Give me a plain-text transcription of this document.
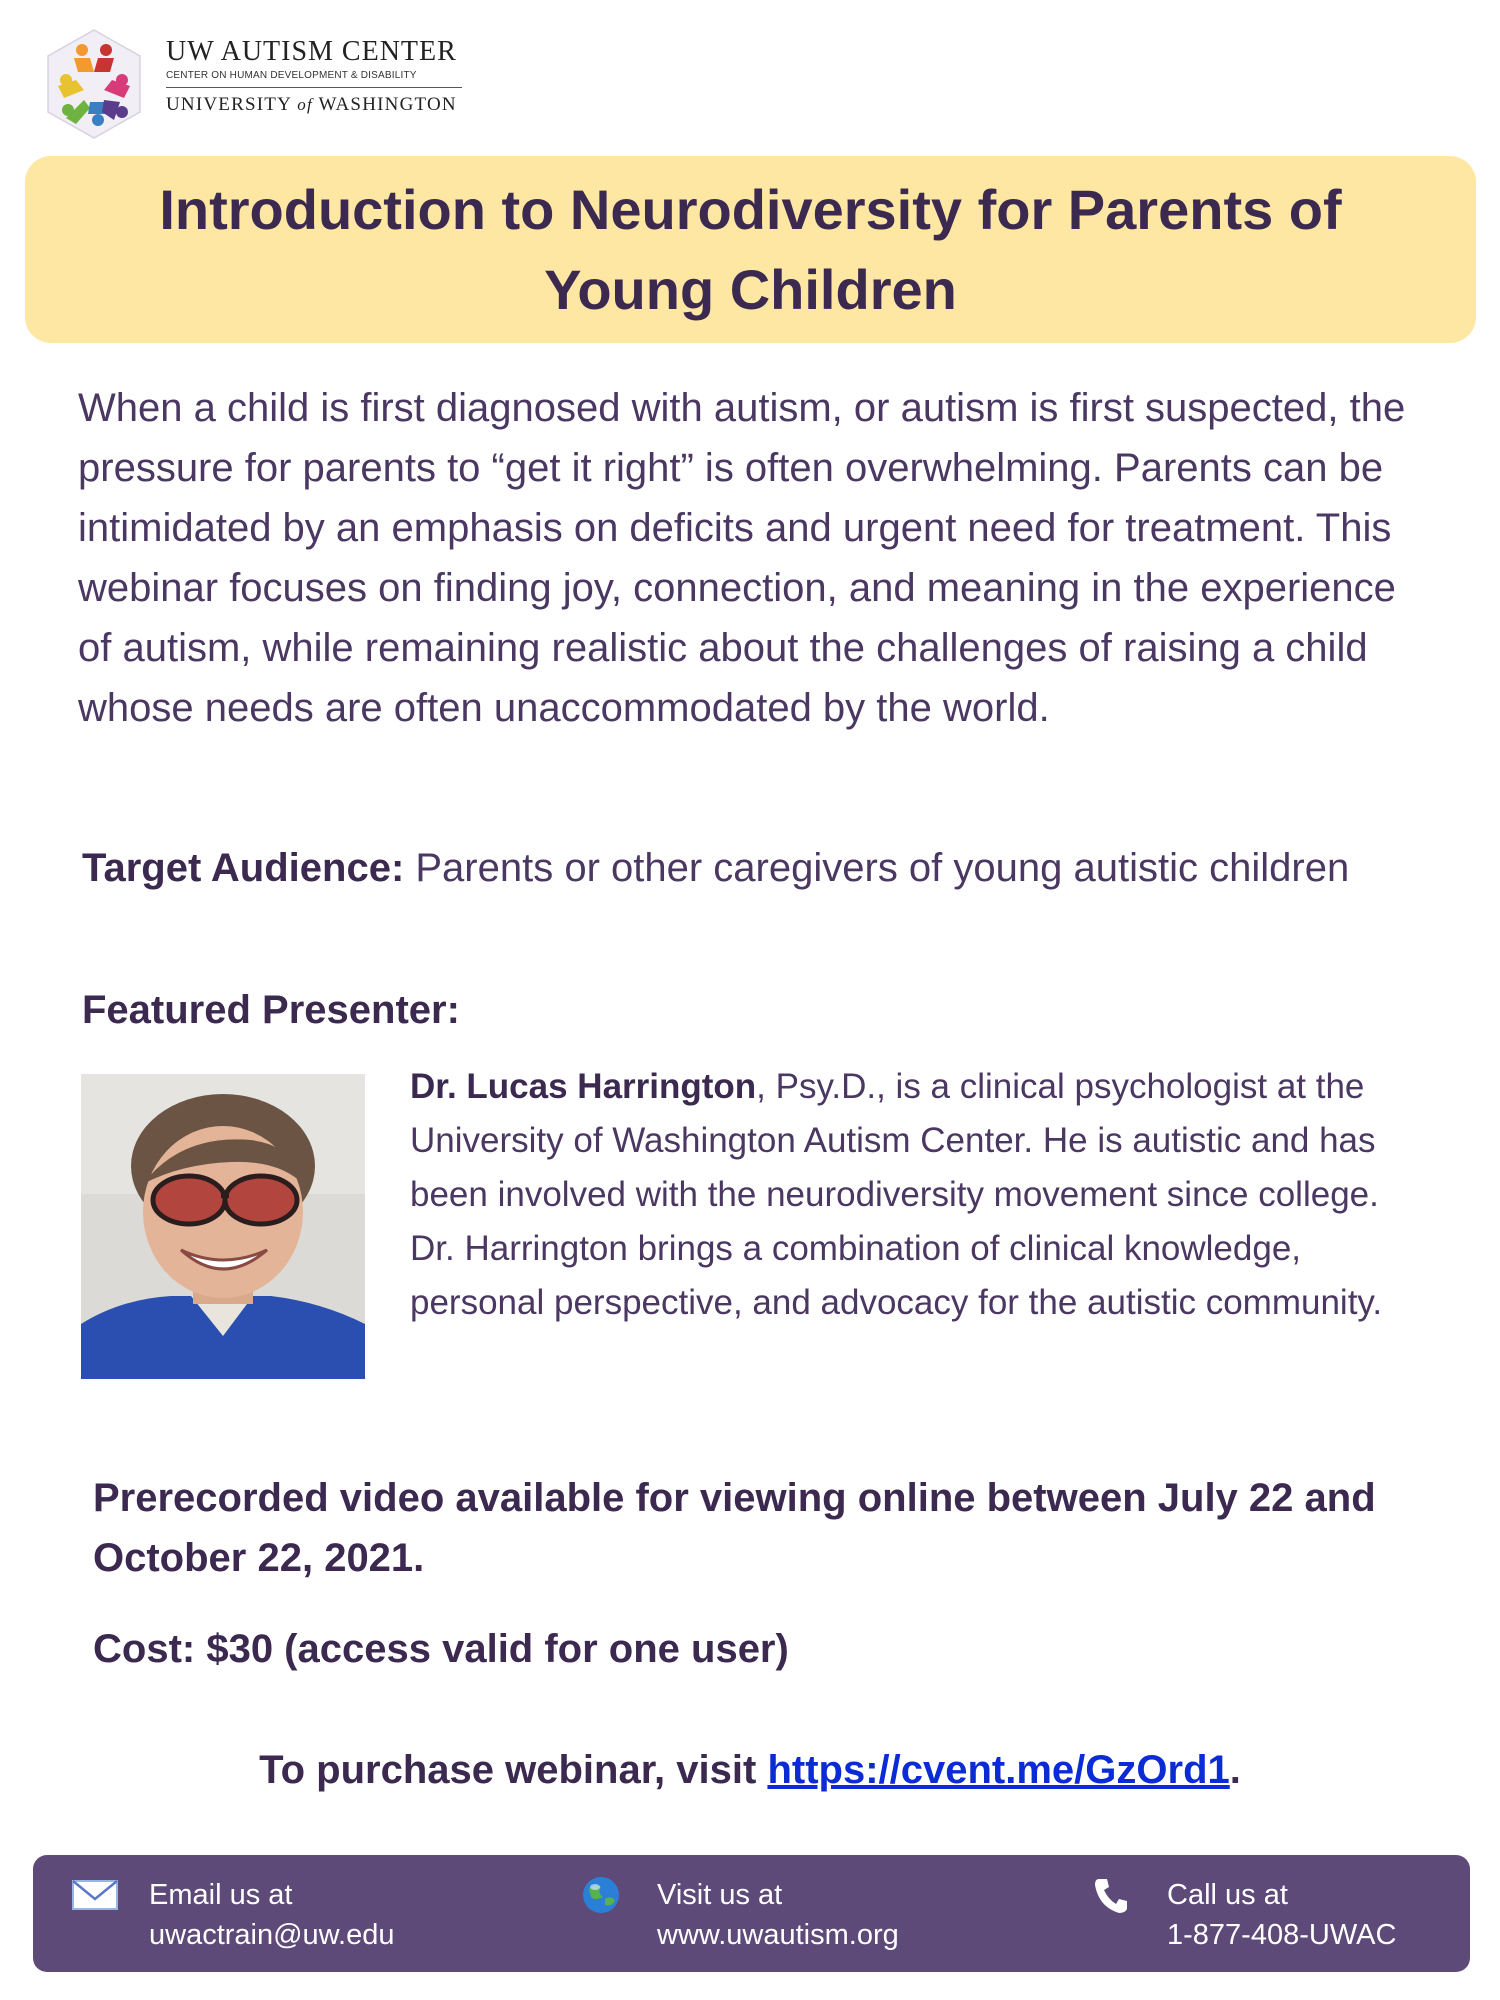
UW AUTISM CENTER
CENTER ON HUMAN DEVELOPMENT & DISABILITY
UNIVERSITY of WASHINGTON
Introduction to Neurodiversity for Parents of Young Children

When a child is first diagnosed with autism, or autism is first suspected, the pressure for parents to “get it right” is often overwhelming. Parents can be intimidated by an emphasis on deficits and urgent need for treatment. This webinar focuses on finding joy, connection, and meaning in the experience of autism, while remaining realistic about the challenges of raising a child whose needs are often unaccommodated by the world.

Target Audience: Parents or other caregivers of young autistic children

Featured Presenter:

Dr. Lucas Harrington, Psy.D., is a clinical psychologist at the University of Washington Autism Center. He is autistic and has been involved with the neurodiversity movement since college. Dr. Harrington brings a combination of clinical knowledge, personal perspective, and advocacy for the autistic community.

Prerecorded video available for viewing online between July 22 and October 22, 2021.

Cost: $30 (access valid for one user)

To purchase webinar, visit https://cvent.me/GzOrd1.

Email us at
uwactrain@uw.edu
Visit us at
www.uwautism.org
Call us at
1-877-408-UWAC
